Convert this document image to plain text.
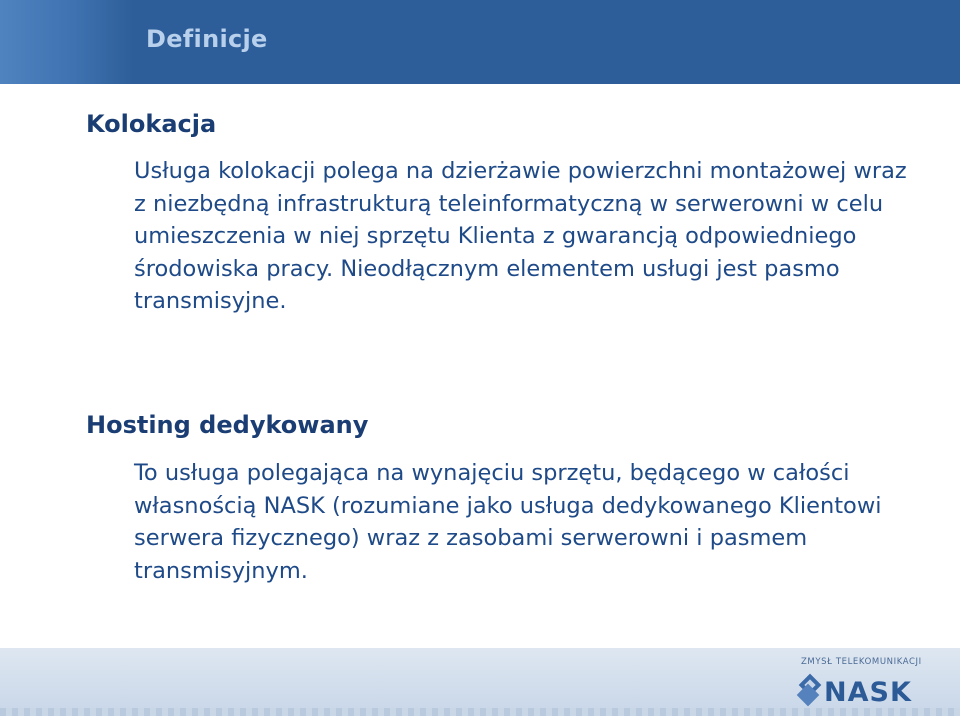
Definicje
Kolokacja

Usługa kolokacji polega na dzierżawie powierzchni montażowej wraz z niezbędną infrastrukturą teleinformatyczną w serwerowni w celu umieszczenia w niej sprzętu Klienta z gwarancją odpowiedniego środowiska pracy. Nieodłącznym elementem usługi jest pasmo transmisyjne.

Hosting dedykowany

To usługa polegająca na wynajęciu sprzętu, będącego w całości własnością NASK (rozumiane jako usługa dedykowanego Klientowi serwera fizycznego) wraz z zasobami serwerowni i pasmem transmisyjnym.

ZMYSŁ TELEKOMUNIKACJI
NASK
